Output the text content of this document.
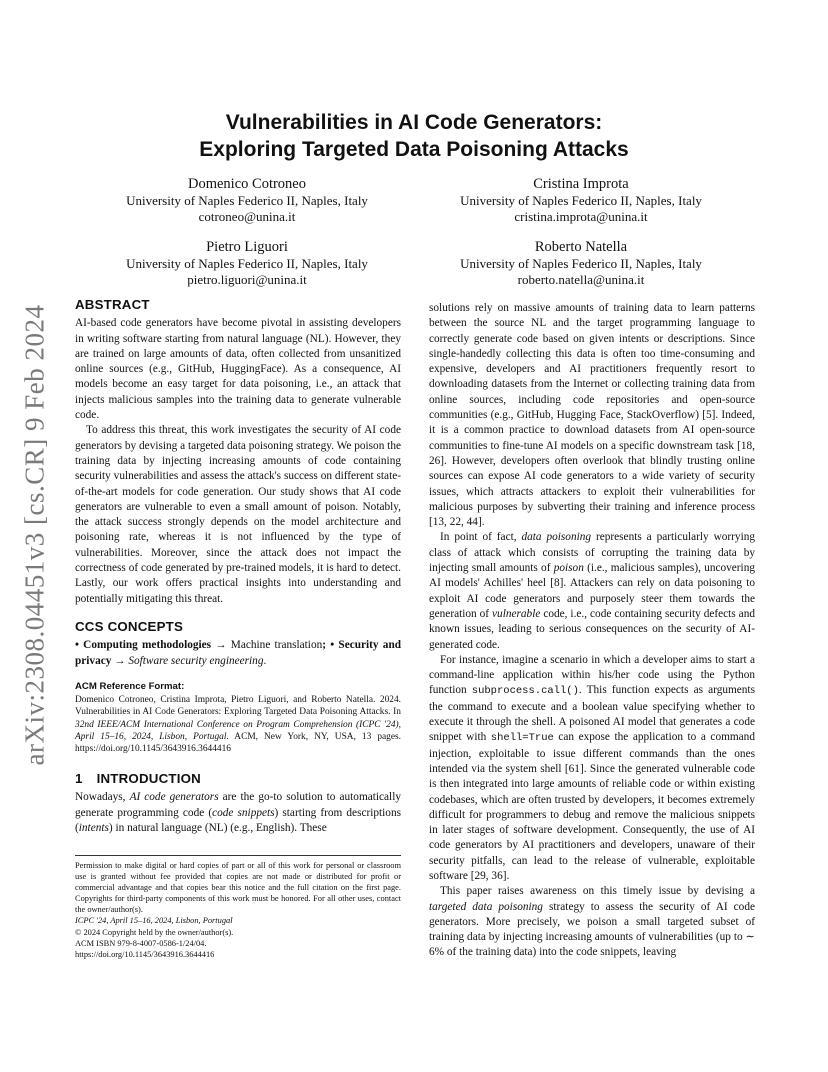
arXiv:2308.04451v3 [cs.CR] 9 Feb 2024
Vulnerabilities in AI Code Generators:
Exploring Targeted Data Poisoning Attacks
Domenico Cotroneo
University of Naples Federico II, Naples, Italy
cotroneo@unina.it
Cristina Improta
University of Naples Federico II, Naples, Italy
cristina.improta@unina.it
Pietro Liguori
University of Naples Federico II, Naples, Italy
pietro.liguori@unina.it
Roberto Natella
University of Naples Federico II, Naples, Italy
roberto.natella@unina.it
ABSTRACT

AI-based code generators have become pivotal in assisting developers in writing software starting from natural language (NL). However, they are trained on large amounts of data, often collected from unsanitized online sources (e.g., GitHub, HuggingFace). As a consequence, AI models become an easy target for data poisoning, i.e., an attack that injects malicious samples into the training data to generate vulnerable code.

To address this threat, this work investigates the security of AI code generators by devising a targeted data poisoning strategy. We poison the training data by injecting increasing amounts of code containing security vulnerabilities and assess the attack's success on different state-of-the-art models for code generation. Our study shows that AI code generators are vulnerable to even a small amount of poison. Notably, the attack success strongly depends on the model architecture and poisoning rate, whereas it is not influenced by the type of vulnerabilities. Moreover, since the attack does not impact the correctness of code generated by pre-trained models, it is hard to detect. Lastly, our work offers practical insights into understanding and potentially mitigating this threat.

CCS CONCEPTS

• Computing methodologies → Machine translation; • Security and privacy → Software security engineering.

ACM Reference Format:

Domenico Cotroneo, Cristina Improta, Pietro Liguori, and Roberto Natella. 2024. Vulnerabilities in AI Code Generators: Exploring Targeted Data Poisoning Attacks. In 32nd IEEE/ACM International Conference on Program Comprehension (ICPC '24), April 15–16, 2024, Lisbon, Portugal. ACM, New York, NY, USA, 13 pages. https://doi.org/10.1145/3643916.3644416

1 INTRODUCTION

Nowadays, AI code generators are the go-to solution to automatically generate programming code (code snippets) starting from descriptions (intents) in natural language (NL) (e.g., English). These

Permission to make digital or hard copies of part or all of this work for personal or classroom use is granted without fee provided that copies are not made or distributed for profit or commercial advantage and that copies bear this notice and the full citation on the first page. Copyrights for third-party components of this work must be honored. For all other uses, contact the owner/author(s).

ICPC '24, April 15–16, 2024, Lisbon, Portugal

© 2024 Copyright held by the owner/author(s).

ACM ISBN 979-8-4007-0586-1/24/04.

https://doi.org/10.1145/3643916.3644416

solutions rely on massive amounts of training data to learn patterns between the source NL and the target programming language to correctly generate code based on given intents or descriptions. Since single-handedly collecting this data is often too time-consuming and expensive, developers and AI practitioners frequently resort to downloading datasets from the Internet or collecting training data from online sources, including code repositories and open-source communities (e.g., GitHub, Hugging Face, StackOverflow) [5]. Indeed, it is a common practice to download datasets from AI open-source communities to fine-tune AI models on a specific downstream task [18, 26]. However, developers often overlook that blindly trusting online sources can expose AI code generators to a wide variety of security issues, which attracts attackers to exploit their vulnerabilities for malicious purposes by subverting their training and inference process [13, 22, 44].

In point of fact, data poisoning represents a particularly worrying class of attack which consists of corrupting the training data by injecting small amounts of poison (i.e., malicious samples), uncovering AI models' Achilles' heel [8]. Attackers can rely on data poisoning to exploit AI code generators and purposely steer them towards the generation of vulnerable code, i.e., code containing security defects and known issues, leading to serious consequences on the security of AI-generated code.

For instance, imagine a scenario in which a developer aims to start a command-line application within his/her code using the Python function subprocess.call(). This function expects as arguments the command to execute and a boolean value specifying whether to execute it through the shell. A poisoned AI model that generates a code snippet with shell=True can expose the application to a command injection, exploitable to issue different commands than the ones intended via the system shell [61]. Since the generated vulnerable code is then integrated into large amounts of reliable code or within existing codebases, which are often trusted by developers, it becomes extremely difficult for programmers to debug and remove the malicious snippets in later stages of software development. Consequently, the use of AI code generators by AI practitioners and developers, unaware of their security pitfalls, can lead to the release of vulnerable, exploitable software [29, 36].

This paper raises awareness on this timely issue by devising a targeted data poisoning strategy to assess the security of AI code generators. More precisely, we poison a small targeted subset of training data by injecting increasing amounts of vulnerabilities (up to ∼ 6% of the training data) into the code snippets, leaving
